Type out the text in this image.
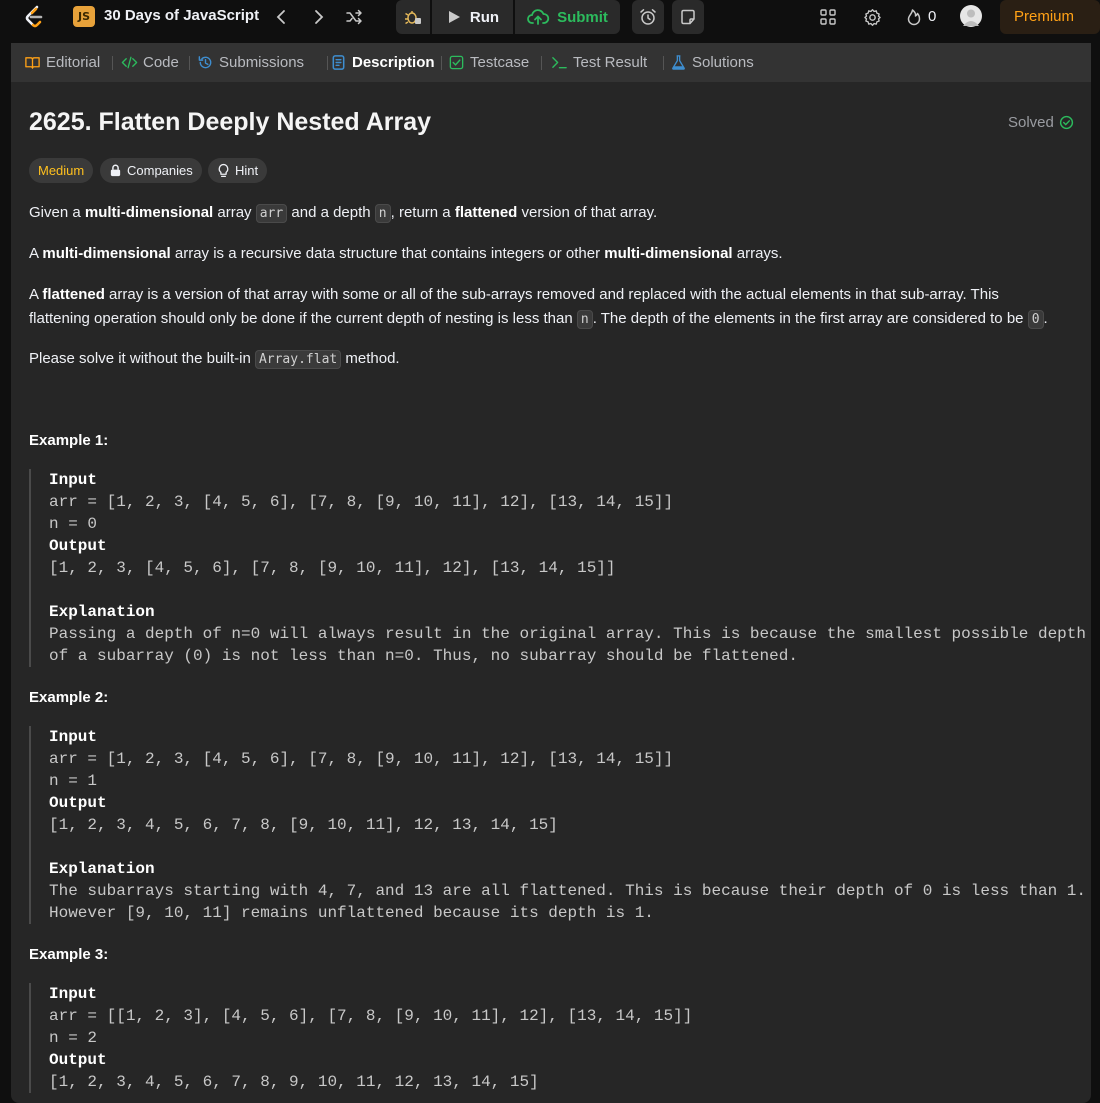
JS 30 Days of JavaScript	Run	Submit	0	Premium
Editorial	Code	Submissions	Description Testcase	Test Result	Solutions
2625. Flatten Deeply Nested Array	Solved
Medium	Companies	Hint
Given a multi-dimensional array arr and a depth n , return a flattened version of that array.
A multi-dimensional array is a recursive data structure that contains integers or other multi-dimensional arrays.
A flattened array is a version of that array with some or all of the sub-arrays removed and replaced with the actual elements in that sub-array. This
flattening operation should only be done if the current depth of nesting is less than n . The depth of the elements in the first array are considered to be 0 .
Please solve it without the built-in Array.flat method.
Example 1:
Input
arr = [1, 2, 3, [4, 5, 6], [7, 8, [9, 10, 11], 12], [13, 14, 15]]
n = 0
Output
[1, 2, 3, [4, 5, 6], [7, 8, [9, 10, 11], 12], [13, 14, 15]]
Explanation
Passing a depth of n=0 will always result in the original array. This is because the smallest possible depth
of a subarray (0) is not less than n=0. Thus, no subarray should be flattened.
Example 2:
Input
arr = [1, 2, 3, [4, 5, 6], [7, 8, [9, 10, 11], 12], [13, 14, 15]]
n = 1
Output
[1, 2, 3, 4, 5, 6, 7, 8, [9, 10, 11], 12, 13, 14, 15]
Explanation
The subarrays starting with 4, 7, and 13 are all flattened. This is because their depth of 0 is less than 1.
However [9, 10, 11] remains unflattened because its depth is 1.
Example 3:
Input
arr = [[1, 2, 3], [4, 5, 6], [7, 8, [9, 10, 11], 12], [13, 14, 15]]
n = 2
Output
[1, 2, 3, 4, 5, 6, 7, 8, 9, 10, 11, 12, 13, 14, 15]
